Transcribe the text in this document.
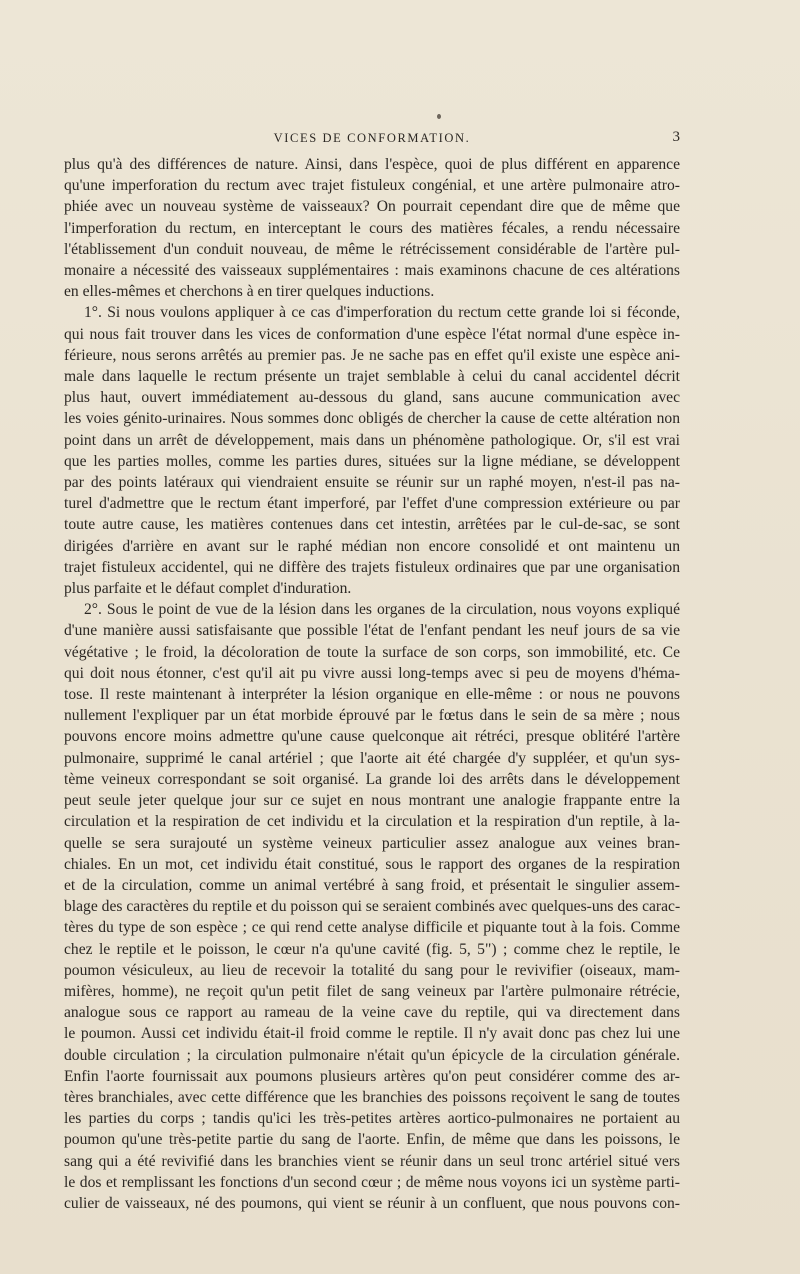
VICES DE CONFORMATION.	3
plus qu'à des différences de nature. Ainsi, dans l'espèce, quoi de plus différent en apparence
qu'une imperforation du rectum avec trajet fistuleux congénial, et une artère pulmonaire atro-
phiée avec un nouveau système de vaisseaux? On pourrait cependant dire que de même que
l'imperforation du rectum, en interceptant le cours des matières fécales, a rendu nécessaire
l'établissement d'un conduit nouveau, de même le rétrécissement considérable de l'artère pul-
monaire a nécessité des vaisseaux supplémentaires : mais examinons chacune de ces altérations
en elles-mêmes et cherchons à en tirer quelques inductions.
1°. Si nous voulons appliquer à ce cas d'imperforation du rectum cette grande loi si féconde,
qui nous fait trouver dans les vices de conformation d'une espèce l'état normal d'une espèce in-
férieure, nous serons arrêtés au premier pas. Je ne sache pas en effet qu'il existe une espèce ani-
male dans laquelle le rectum présente un trajet semblable à celui du canal accidentel décrit
plus haut, ouvert immédiatement au-dessous du gland, sans aucune communication avec
les voies génito-urinaires. Nous sommes donc obligés de chercher la cause de cette altération non
point dans un arrêt de développement, mais dans un phénomène pathologique. Or, s'il est vrai
que les parties molles, comme les parties dures, situées sur la ligne médiane, se développent
par des points latéraux qui viendraient ensuite se réunir sur un raphé moyen, n'est-il pas na-
turel d'admettre que le rectum étant imperforé, par l'effet d'une compression extérieure ou par
toute autre cause, les matières contenues dans cet intestin, arrêtées par le cul-de-sac, se sont
dirigées d'arrière en avant sur le raphé médian non encore consolidé et ont maintenu un
trajet fistuleux accidentel, qui ne diffère des trajets fistuleux ordinaires que par une organisation
plus parfaite et le défaut complet d'induration.
2°. Sous le point de vue de la lésion dans les organes de la circulation, nous voyons expliqué
d'une manière aussi satisfaisante que possible l'état de l'enfant pendant les neuf jours de sa vie
végétative ; le froid, la décoloration de toute la surface de son corps, son immobilité, etc. Ce
qui doit nous étonner, c'est qu'il ait pu vivre aussi long-temps avec si peu de moyens d'héma-
tose. Il reste maintenant à interpréter la lésion organique en elle-même : or nous ne pouvons
nullement l'expliquer par un état morbide éprouvé par le fœtus dans le sein de sa mère ; nous
pouvons encore moins admettre qu'une cause quelconque ait rétréci, presque oblitéré l'artère
pulmonaire, supprimé le canal artériel ; que l'aorte ait été chargée d'y suppléer, et qu'un sys-
tème veineux correspondant se soit organisé. La grande loi des arrêts dans le développement
peut seule jeter quelque jour sur ce sujet en nous montrant une analogie frappante entre la
circulation et la respiration de cet individu et la circulation et la respiration d'un reptile, à la-
quelle se sera surajouté un système veineux particulier assez analogue aux veines bran-
chiales. En un mot, cet individu était constitué, sous le rapport des organes de la respiration
et de la circulation, comme un animal vertébré à sang froid, et présentait le singulier assem-
blage des caractères du reptile et du poisson qui se seraient combinés avec quelques-uns des carac-
tères du type de son espèce ; ce qui rend cette analyse difficile et piquante tout à la fois. Comme
chez le reptile et le poisson, le cœur n'a qu'une cavité (fig. 5, 5") ; comme chez le reptile, le
poumon vésiculeux, au lieu de recevoir la totalité du sang pour le revivifier (oiseaux, mam-
mifères, homme), ne reçoit qu'un petit filet de sang veineux par l'artère pulmonaire rétrécie,
analogue sous ce rapport au rameau de la veine cave du reptile, qui va directement dans
le poumon. Aussi cet individu était-il froid comme le reptile. Il n'y avait donc pas chez lui une
double circulation ; la circulation pulmonaire n'était qu'un épicycle de la circulation générale.
Enfin l'aorte fournissait aux poumons plusieurs artères qu'on peut considérer comme des ar-
tères branchiales, avec cette différence que les branchies des poissons reçoivent le sang de toutes
les parties du corps ; tandis qu'ici les très-petites artères aortico-pulmonaires ne portaient au
poumon qu'une très-petite partie du sang de l'aorte. Enfin, de même que dans les poissons, le
sang qui a été revivifié dans les branchies vient se réunir dans un seul tronc artériel situé vers
le dos et remplissant les fonctions d'un second cœur ; de même nous voyons ici un système parti-
culier de vaisseaux, né des poumons, qui vient se réunir à un confluent, que nous pouvons con-
